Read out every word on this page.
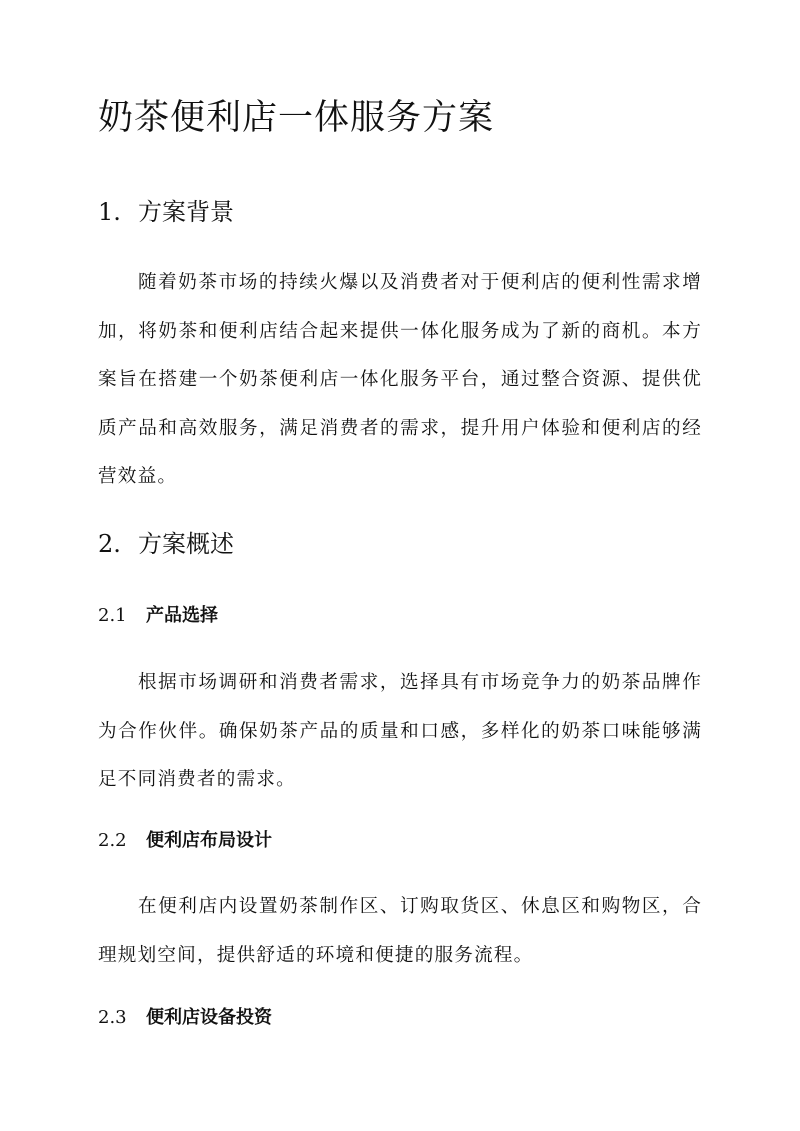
奶茶便利店一体服务方案
1. 方案背景

随着奶茶市场的持续火爆以及消费者对于便利店的便利性需求增加，将奶茶和便利店结合起来提供一体化服务成为了新的商机。本方案旨在搭建一个奶茶便利店一体化服务平台，通过整合资源、提供优质产品和高效服务，满足消费者的需求，提升用户体验和便利店的经营效益。

2. 方案概述
2.1 产品选择

根据市场调研和消费者需求，选择具有市场竞争力的奶茶品牌作为合作伙伴。确保奶茶产品的质量和口感，多样化的奶茶口味能够满足不同消费者的需求。

2.2 便利店布局设计

在便利店内设置奶茶制作区、订购取货区、休息区和购物区，合理规划空间，提供舒适的环境和便捷的服务流程。

2.3 便利店设备投资
